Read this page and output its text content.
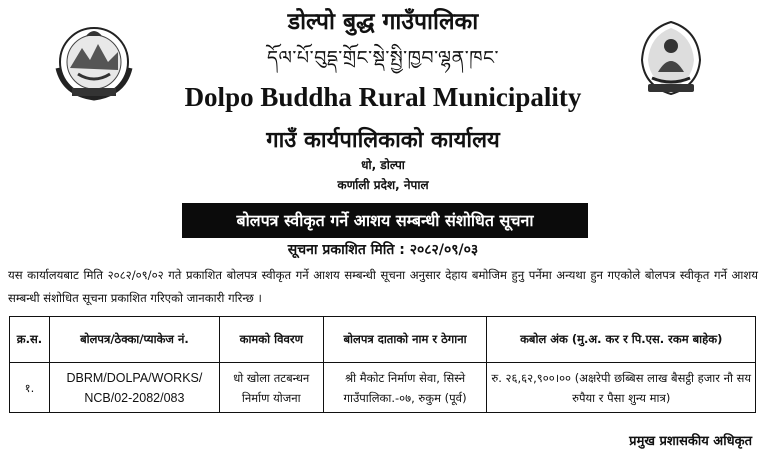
डोल्पो बुद्ध गाउँपालिका
དོལ་པོ་བུདྡ་གྲོང་སྡེ་སྤྱི་ཁྱབ་ལྷན་ཁང་
Dolpo Buddha Rural Municipality
गाउँ कार्यपालिकाको कार्यालय
धो, डोल्पा
कर्णाली प्रदेश, नेपाल
बोलपत्र स्वीकृत गर्ने आशय सम्बन्धी संशोधित सूचना
सूचना प्रकाशित मिति : २०८२/०९/०३
यस कार्यालयबाट मिति २०८२/०९/०२ गते प्रकाशित बोलपत्र स्वीकृत गर्ने आशय सम्बन्धी सूचना अनुसार देहाय बमोजिम हुनु पर्नेमा अन्यथा हुन गएकोले बोलपत्र स्वीकृत गर्ने आशय सम्बन्धी संशोधित सूचना प्रकाशित गरिएको जानकारी गरिन्छ ।
क्र.स.	बोलपत्र/ठेक्का/प्याकेज नं.	कामको विवरण	बोलपत्र दाताको नाम र ठेगाना	कबोल अंक (मु.अ. कर र पि.एस. रकम बाहेक)
१.	DBRM/DOLPA/WORKS/ NCB/02-2082/083	धो खोला तटबन्धन निर्माण योजना	श्री मैकोट निर्माण सेवा, सिस्ने गाउँपालिका.-०७, रुकुम (पूर्व)	रु. २६,६२,९००।०० (अक्षरेपी छब्बिस लाख बैसट्ठी हजार नौ सय रुपैया र पैसा शुन्य मात्र)
प्रमुख प्रशासकीय अधिकृत
